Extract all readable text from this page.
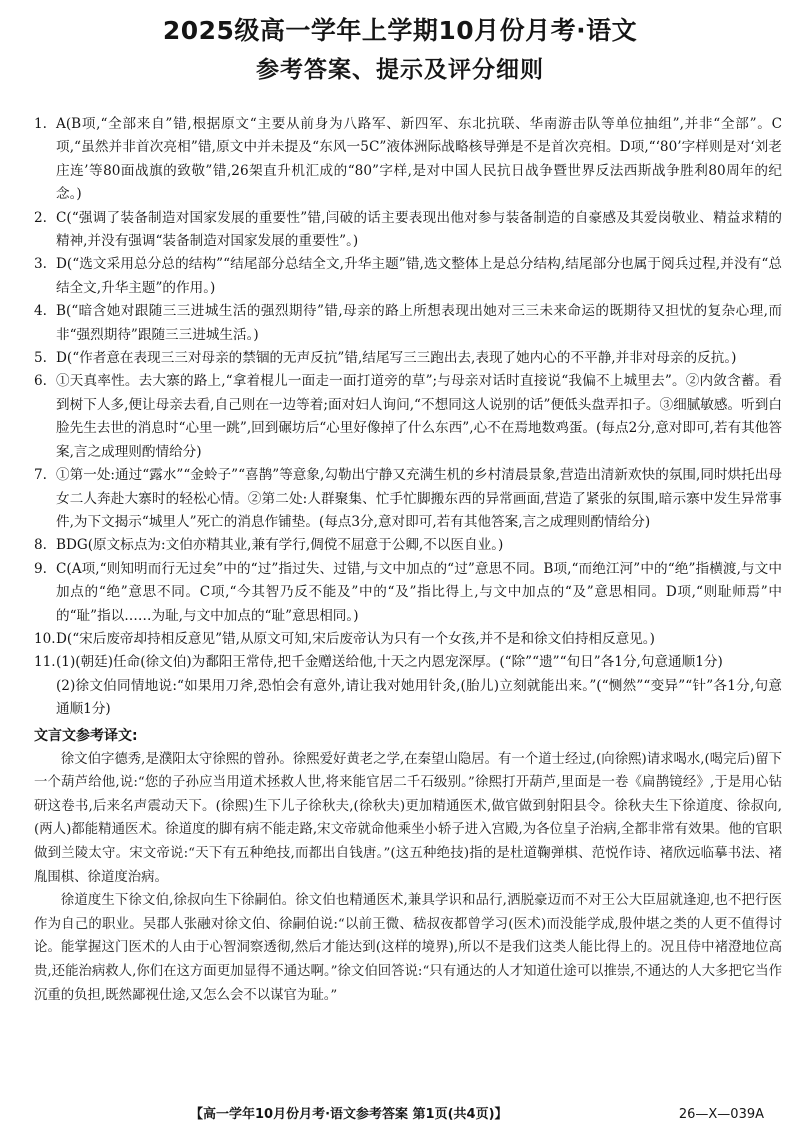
2025级高一学年上学期10月份月考·语文
参考答案、提示及评分细则

1. A(B项,“全部来自”错,根据原文“主要从前身为八路军、新四军、东北抗联、华南游击队等单位抽组”,并非“全部”。C项,“虽然并非首次亮相”错,原文中并未提及“东风一5C”液体洲际战略核导弹是不是首次亮相。D项,“‘80’字样则是对‘刘老庄连’等80面战旗的致敬”错,26架直升机汇成的“80”字样,是对中国人民抗日战争暨世界反法西斯战争胜利80周年的纪念。)

2. C(“强调了装备制造对国家发展的重要性”错,闫破的话主要表现出他对参与装备制造的自豪感及其爱岗敬业、精益求精的精神,并没有强调“装备制造对国家发展的重要性”。)

3. D(“选文采用总分总的结构”“结尾部分总结全文,升华主题”错,选文整体上是总分结构,结尾部分也属于阅兵过程,并没有“总结全文,升华主题”的作用。)

4. B(“暗含她对跟随三三进城生活的强烈期待”错,母亲的路上所想表现出她对三三未来命运的既期待又担忧的复杂心理,而非“强烈期待”跟随三三进城生活。)

5. D(“作者意在表现三三对母亲的禁锢的无声反抗”错,结尾写三三跑出去,表现了她内心的不平静,并非对母亲的反抗。)

6. ①天真率性。去大寨的路上,“拿着棍儿一面走一面打道旁的草”;与母亲对话时直接说“我偏不上城里去”。②内敛含蓄。看到树下人多,便让母亲去看,自己则在一边等着;面对妇人询问,“不想同这人说别的话”便低头盘弄扣子。③细腻敏感。听到白脸先生去世的消息时“心里一跳”,回到碾坊后“心里好像掉了什么东西”,心不在焉地数鸡蛋。(每点2分,意对即可,若有其他答案,言之成理则酌情给分)

7. ①第一处:通过“露水”“金蛉子”“喜鹊”等意象,勾勒出宁静又充满生机的乡村清晨景象,营造出清新欢快的氛围,同时烘托出母女二人奔赴大寨时的轻松心情。②第二处:人群聚集、忙手忙脚搬东西的异常画面,营造了紧张的氛围,暗示寨中发生异常事件,为下文揭示“城里人”死亡的消息作铺垫。(每点3分,意对即可,若有其他答案,言之成理则酌情给分)

8. BDG(原文标点为:文伯亦精其业,兼有学行,倜傥不屈意于公卿,不以医自业。)

9. C(A项,“则知明而行无过矣”中的“过”指过失、过错,与文中加点的“过”意思不同。B项,“而绝江河”中的“绝”指横渡,与文中加点的“绝”意思不同。C项,“今其智乃反不能及”中的“及”指比得上,与文中加点的“及”意思相同。D项,“则耻师焉”中的“耻”指以……为耻,与文中加点的“耻”意思相同。)

10. D(“宋后废帝却持相反意见”错,从原文可知,宋后废帝认为只有一个女孩,并不是和徐文伯持相反意见。)

11. (1)(朝廷)任命(徐文伯)为鄱阳王常侍,把千金赠送给他,十天之内恩宠深厚。(“除”“遗”“旬日”各1分,句意通顺1分)
(2)徐文伯同情地说:“如果用刀斧,恐怕会有意外,请让我对她用针灸,(胎儿)立刻就能出来。”(“恻然”“变异”“针”各1分,句意通顺1分)

文言文参考译文:

徐文伯字德秀,是濮阳太守徐熙的曾孙。徐熙爱好黄老之学,在秦望山隐居。有一个道士经过,(向徐熙)请求喝水,(喝完后)留下一个葫芦给他,说:“您的子孙应当用道术拯救人世,将来能官居二千石级别。”徐熙打开葫芦,里面是一卷《扁鹊镜经》,于是用心钻研这卷书,后来名声震动天下。(徐熙)生下儿子徐秋夫,(徐秋夫)更加精通医术,做官做到射阳县令。徐秋夫生下徐道度、徐叔向,(两人)都能精通医术。徐道度的脚有病不能走路,宋文帝就命他乘坐小轿子进入宫殿,为各位皇子治病,全都非常有效果。他的官职做到兰陵太守。宋文帝说:“天下有五种绝技,而都出自钱唐。”(这五种绝技)指的是杜道鞠弹棋、范悦作诗、褚欣远临摹书法、褚胤围棋、徐道度治病。

徐道度生下徐文伯,徐叔向生下徐嗣伯。徐文伯也精通医术,兼具学识和品行,洒脱豪迈而不对王公大臣屈就逢迎,也不把行医作为自己的职业。吴郡人张融对徐文伯、徐嗣伯说:“以前王微、嵇叔夜都曾学习(医术)而没能学成,殷仲堪之类的人更不值得讨论。能掌握这门医术的人由于心智洞察透彻,然后才能达到(这样的境界),所以不是我们这类人能比得上的。况且侍中褚澄地位高贵,还能治病救人,你们在这方面更加显得不通达啊。”徐文伯回答说:“只有通达的人才知道仕途可以推崇,不通达的人大多把它当作沉重的负担,既然鄙视仕途,又怎么会不以谋官为耻。”

【高一学年10月份月考·语文参考答案 第1页(共4页)】	26—X—039A
